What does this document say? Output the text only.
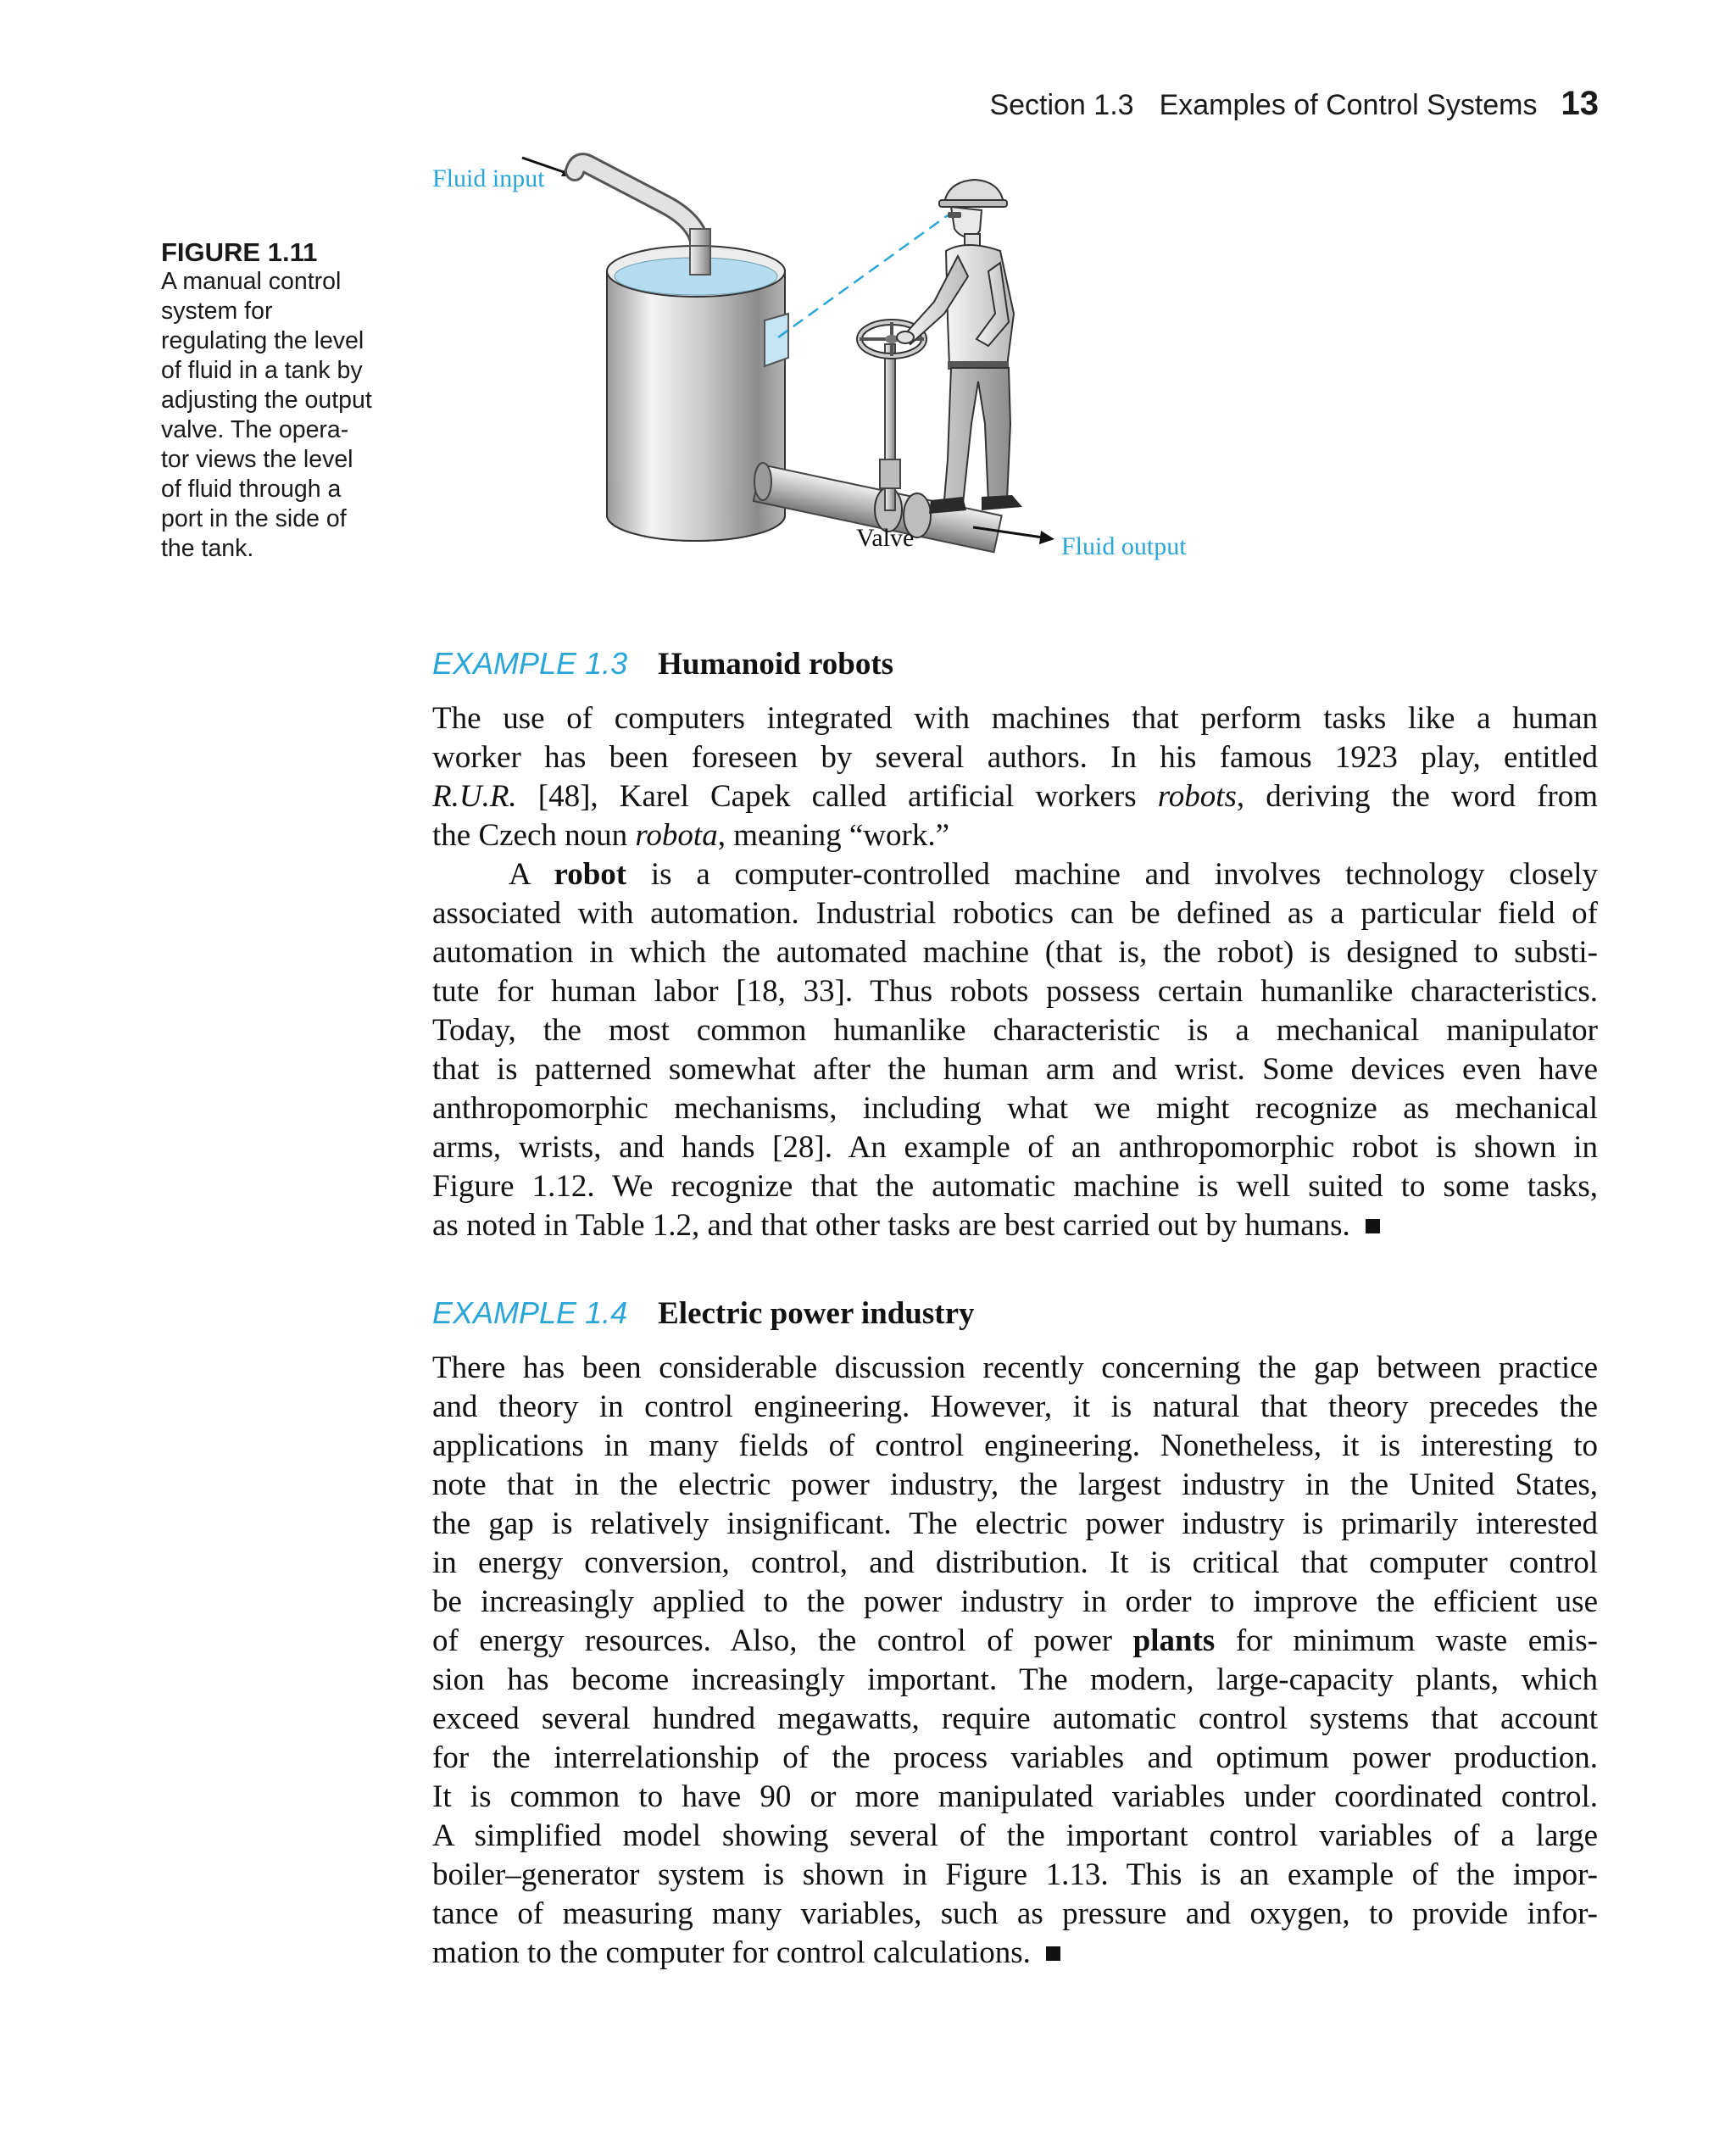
Section 1.3 Examples of Control Systems 13
FIGURE 1.11
A manual control
system for
regulating the level
of fluid in a tank by
adjusting the output
valve. The opera-
tor views the level
of fluid through a
port in the side of
the tank.
Fluid input
Valve	Fluid output
EXAMPLE 1.3 Humanoid robots
The use of computers integrated with machines that perform tasks like a human
worker has been foreseen by several authors. In his famous 1923 play, entitled
R.U.R. [48], Karel Capek called artificial workers robots, deriving the word from
the Czech noun robota, meaning “work.”
A robot is a computer-controlled machine and involves technology closely
associated with automation. Industrial robotics can be defined as a particular field of
automation in which the automated machine (that is, the robot) is designed to substi-
tute for human labor [18, 33]. Thus robots possess certain humanlike characteristics.
Today, the most common humanlike characteristic is a mechanical manipulator
that is patterned somewhat after the human arm and wrist. Some devices even have
anthropomorphic mechanisms, including what we might recognize as mechanical
arms, wrists, and hands [28]. An example of an anthropomorphic robot is shown in
Figure 1.12. We recognize that the automatic machine is well suited to some tasks,
as noted in Table 1.2, and that other tasks are best carried out by humans.
EXAMPLE 1.4 Electric power industry
There has been considerable discussion recently concerning the gap between practice
and theory in control engineering. However, it is natural that theory precedes the
applications in many fields of control engineering. Nonetheless, it is interesting to
note that in the electric power industry, the largest industry in the United States,
the gap is relatively insignificant. The electric power industry is primarily interested
in energy conversion, control, and distribution. It is critical that computer control
be increasingly applied to the power industry in order to improve the efficient use
of energy resources. Also, the control of power plants for minimum waste emis-
sion has become increasingly important. The modern, large-capacity plants, which
exceed several hundred megawatts, require automatic control systems that account
for the interrelationship of the process variables and optimum power production.
It is common to have 90 or more manipulated variables under coordinated control.
A simplified model showing several of the important control variables of a large
boiler–generator system is shown in Figure 1.13. This is an example of the impor-
tance of measuring many variables, such as pressure and oxygen, to provide infor-
mation to the computer for control calculations.
